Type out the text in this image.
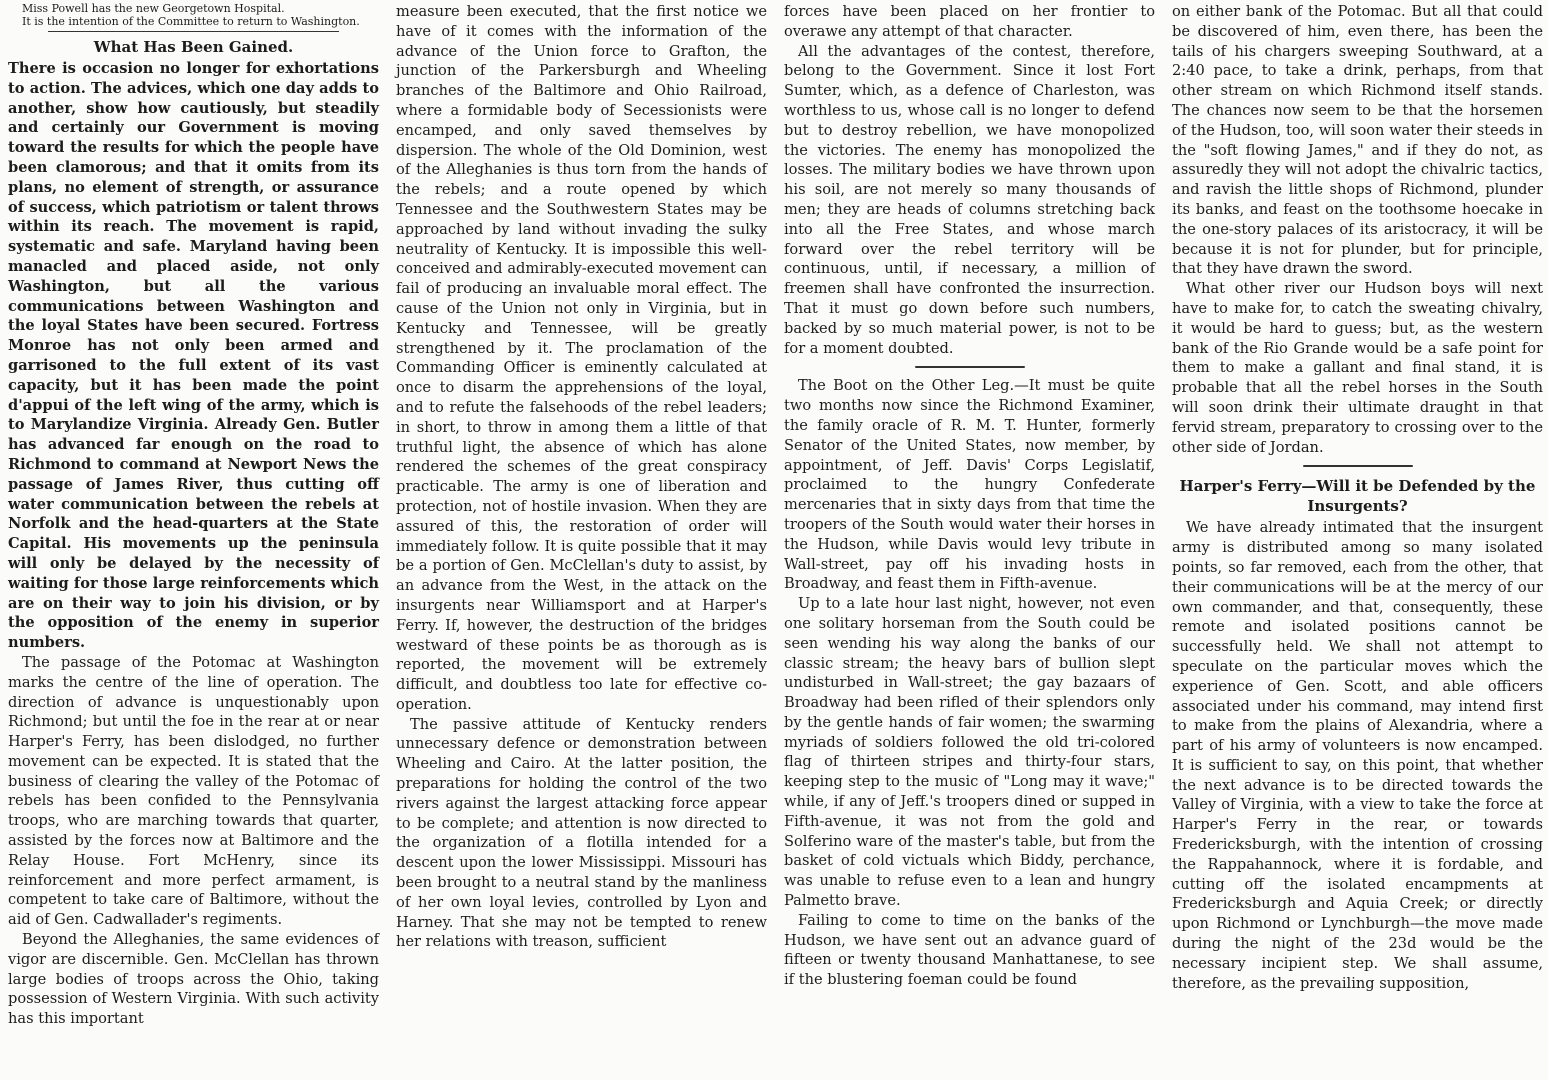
Miss Powell has the new Georgetown Hospital.

It is the intention of the Committee to return to Washington.

What Has Been Gained.

There is occasion no longer for exhortations to action. The advices, which one day adds to another, show how cautiously, but steadily and certainly our Government is moving toward the results for which the people have been clamorous; and that it omits from its plans, no element of strength, or assurance of success, which patriotism or talent throws within its reach. The movement is rapid, systematic and safe. Maryland having been manacled and placed aside, not only Washington, but all the various communications between Washington and the loyal States have been secured. Fortress Monroe has not only been armed and garrisoned to the full extent of its vast capacity, but it has been made the point d'appui of the left wing of the army, which is to Marylandize Virginia. Already Gen. Butler has advanced far enough on the road to Richmond to command at Newport News the passage of James River, thus cutting off water communication between the rebels at Norfolk and the head-quarters at the State Capital. His movements up the peninsula will only be delayed by the necessity of waiting for those large reinforcements which are on their way to join his division, or by the opposition of the enemy in superior numbers.

The passage of the Potomac at Washington marks the centre of the line of operation. The direction of advance is unquestionably upon Richmond; but until the foe in the rear at or near Harper's Ferry, has been dislodged, no further movement can be expected. It is stated that the business of clearing the valley of the Potomac of rebels has been confided to the Pennsylvania troops, who are marching towards that quarter, assisted by the forces now at Baltimore and the Relay House. Fort McHenry, since its reinforcement and more perfect armament, is competent to take care of Baltimore, without the aid of Gen. Cadwallader's regiments.

Beyond the Alleghanies, the same evidences of vigor are discernible. Gen. McClellan has thrown large bodies of troops across the Ohio, taking possession of Western Virginia. With such activity has this important

measure been executed, that the first notice we have of it comes with the information of the advance of the Union force to Grafton, the junction of the Parkersburgh and Wheeling branches of the Baltimore and Ohio Railroad, where a formidable body of Secessionists were encamped, and only saved themselves by dispersion. The whole of the Old Dominion, west of the Alleghanies is thus torn from the hands of the rebels; and a route opened by which Tennessee and the Southwestern States may be approached by land without invading the sulky neutrality of Kentucky. It is impossible this well-conceived and admirably-executed movement can fail of producing an invaluable moral effect. The cause of the Union not only in Virginia, but in Kentucky and Tennessee, will be greatly strengthened by it. The proclamation of the Commanding Officer is eminently calculated at once to disarm the apprehensions of the loyal, and to refute the falsehoods of the rebel leaders; in short, to throw in among them a little of that truthful light, the absence of which has alone rendered the schemes of the great conspiracy practicable. The army is one of liberation and protection, not of hostile invasion. When they are assured of this, the restoration of order will immediately follow. It is quite possible that it may be a portion of Gen. McClellan's duty to assist, by an advance from the West, in the attack on the insurgents near Williamsport and at Harper's Ferry. If, however, the destruction of the bridges westward of these points be as thorough as is reported, the movement will be extremely difficult, and doubtless too late for effective co-operation.

The passive attitude of Kentucky renders unnecessary defence or demonstration between Wheeling and Cairo. At the latter position, the preparations for holding the control of the two rivers against the largest attacking force appear to be complete; and attention is now directed to the organization of a flotilla intended for a descent upon the lower Mississippi. Missouri has been brought to a neutral stand by the manliness of her own loyal levies, controlled by Lyon and Harney. That she may not be tempted to renew her relations with treason, sufficient

forces have been placed on her frontier to overawe any attempt of that character.

All the advantages of the contest, therefore, belong to the Government. Since it lost Fort Sumter, which, as a defence of Charleston, was worthless to us, whose call is no longer to defend but to destroy rebellion, we have monopolized the victories. The enemy has monopolized the losses. The military bodies we have thrown upon his soil, are not merely so many thousands of men; they are heads of columns stretching back into all the Free States, and whose march forward over the rebel territory will be continuous, until, if necessary, a million of freemen shall have confronted the insurrection. That it must go down before such numbers, backed by so much material power, is not to be for a moment doubted.

The Boot on the Other Leg.—It must be quite two months now since the Richmond Examiner, the family oracle of R. M. T. Hunter, formerly Senator of the United States, now member, by appointment, of Jeff. Davis' Corps Legislatif, proclaimed to the hungry Confederate mercenaries that in sixty days from that time the troopers of the South would water their horses in the Hudson, while Davis would levy tribute in Wall-street, pay off his invading hosts in Broadway, and feast them in Fifth-avenue.

Up to a late hour last night, however, not even one solitary horseman from the South could be seen wending his way along the banks of our classic stream; the heavy bars of bullion slept undisturbed in Wall-street; the gay bazaars of Broadway had been rifled of their splendors only by the gentle hands of fair women; the swarming myriads of soldiers followed the old tri-colored flag of thirteen stripes and thirty-four stars, keeping step to the music of "Long may it wave;" while, if any of Jeff.'s troopers dined or supped in Fifth-avenue, it was not from the gold and Solferino ware of the master's table, but from the basket of cold victuals which Biddy, perchance, was unable to refuse even to a lean and hungry Palmetto brave.

Failing to come to time on the banks of the Hudson, we have sent out an advance guard of fifteen or twenty thousand Manhattanese, to see if the blustering foeman could be found

on either bank of the Potomac. But all that could be discovered of him, even there, has been the tails of his chargers sweeping Southward, at a 2:40 pace, to take a drink, perhaps, from that other stream on which Richmond itself stands. The chances now seem to be that the horsemen of the Hudson, too, will soon water their steeds in the "soft flowing James," and if they do not, as assuredly they will not adopt the chivalric tactics, and ravish the little shops of Richmond, plunder its banks, and feast on the toothsome hoecake in the one-story palaces of its aristocracy, it will be because it is not for plunder, but for principle, that they have drawn the sword.

What other river our Hudson boys will next have to make for, to catch the sweating chivalry, it would be hard to guess; but, as the western bank of the Rio Grande would be a safe point for them to make a gallant and final stand, it is probable that all the rebel horses in the South will soon drink their ultimate draught in that fervid stream, preparatory to crossing over to the other side of Jordan.

Harper's Ferry—Will it be Defended by the Insurgents?

We have already intimated that the insurgent army is distributed among so many isolated points, so far removed, each from the other, that their communications will be at the mercy of our own commander, and that, consequently, these remote and isolated positions cannot be successfully held. We shall not attempt to speculate on the particular moves which the experience of Gen. Scott, and able officers associated under his command, may intend first to make from the plains of Alexandria, where a part of his army of volunteers is now encamped. It is sufficient to say, on this point, that whether the next advance is to be directed towards the Valley of Virginia, with a view to take the force at Harper's Ferry in the rear, or towards Fredericksburgh, with the intention of crossing the Rappahannock, where it is fordable, and cutting off the isolated encampments at Fredericksburgh and Aquia Creek; or directly upon Richmond or Lynchburgh—the move made during the night of the 23d would be the necessary incipient step. We shall assume, therefore, as the prevailing supposition,
